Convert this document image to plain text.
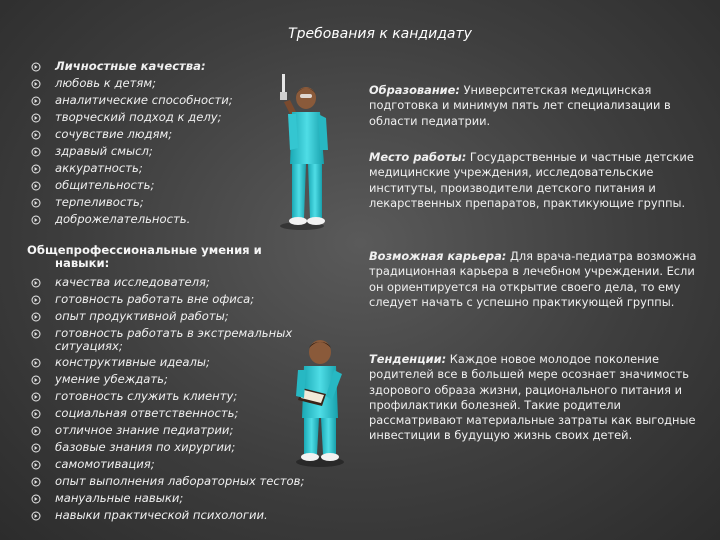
Требования к кандидату
Личностные качества:
любовь к детям;
аналитические способности;
творческий подход к делу;
сочувствие людям;
здравый смысл;
аккуратность;
общительность;
терпеливость;
доброжелательность.
Общепрофессиональные умения и
навыки:
качества исследователя;
готовность работать вне офиса;
опыт продуктивной работы;
готовность работать в экстремальных
ситуациях;
конструктивные идеалы;
умение убеждать;
готовность служить клиенту;
социальная ответственность;
отличное знание педиатрии;
базовые знания по хирургии;
самомотивация;
опыт выполнения лабораторных тестов;
мануальные навыки;
навыки практической психологии.
Образование: Университетская медицинская подготовка и минимум пять лет специализации в области педиатрии.
Место работы: Государственные и частные детские медицинские учреждения, исследовательские институты, производители детского питания и лекарственных препаратов, практикующие группы.
Возможная карьера: Для врача-педиатра возможна традиционная карьера в лечебном учреждении. Если он ориентируется на открытие своего дела, то ему следует начать с успешно практикующей группы.
Тенденции: Каждое новое молодое поколение родителей все в большей мере осознает значимость здорового образа жизни, рационального питания и профилактики болезней. Такие родители рассматривают материальные затраты как выгодные инвестиции в будущую жизнь своих детей.
